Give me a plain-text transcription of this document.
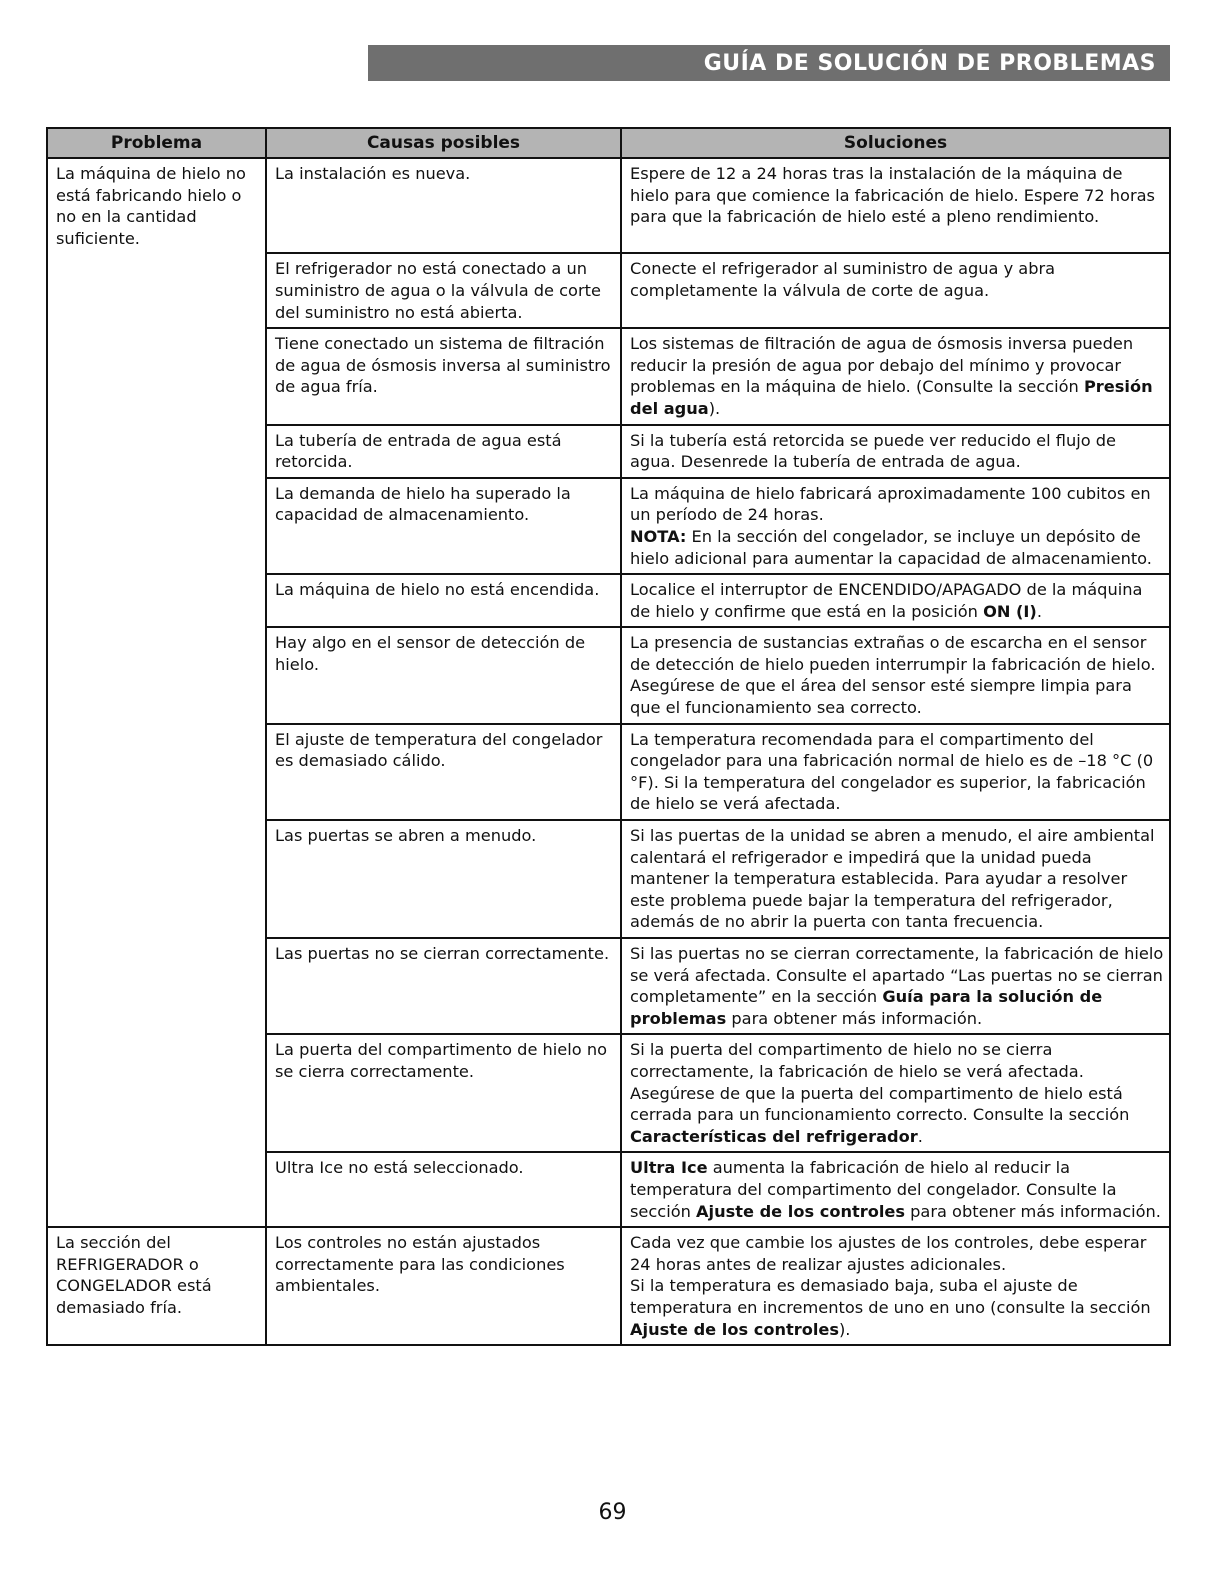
GUÍA DE SOLUCIÓN DE PROBLEMAS
Problema	Causas posibles	Soluciones
La máquina de hielo no está fabricando hielo o no en la cantidad suficiente.	La instalación es nueva.	Espere de 12 a 24 horas tras la instalación de la máquina de hielo para que comience la fabricación de hielo. Espere 72 horas para que la fabricación de hielo esté a pleno rendimiento.
	El refrigerador no está conectado a un suministro de agua o la válvula de corte del suministro no está abierta.	Conecte el refrigerador al suministro de agua y abra completamente la válvula de corte de agua.
	Tiene conectado un sistema de filtración de agua de ósmosis inversa al suministro de agua fría.	Los sistemas de filtración de agua de ósmosis inversa pueden reducir la presión de agua por debajo del mínimo y provocar problemas en la máquina de hielo. (Consulte la sección Presión del agua).
	La tubería de entrada de agua está retorcida.	Si la tubería está retorcida se puede ver reducido el flujo de agua. Desenrede la tubería de entrada de agua.
	La demanda de hielo ha superado la capacidad de almacenamiento.	La máquina de hielo fabricará aproximadamente 100 cubitos en un período de 24 horas.
NOTA: En la sección del congelador, se incluye un depósito de hielo adicional para aumentar la capacidad de almacenamiento.
	La máquina de hielo no está encendida.	Localice el interruptor de ENCENDIDO/APAGADO de la máquina de hielo y confirme que está en la posición ON (I).
	Hay algo en el sensor de detección de hielo.	La presencia de sustancias extrañas o de escarcha en el sensor de detección de hielo pueden interrumpir la fabricación de hielo. Asegúrese de que el área del sensor esté siempre limpia para que el funcionamiento sea correcto.
	El ajuste de temperatura del congelador es demasiado cálido.	La temperatura recomendada para el compartimento del congelador para una fabricación normal de hielo es de –18 °C (0 °F). Si la temperatura del congelador es superior, la fabricación de hielo se verá afectada.
	Las puertas se abren a menudo.	Si las puertas de la unidad se abren a menudo, el aire ambiental calentará el refrigerador e impedirá que la unidad pueda mantener la temperatura establecida. Para ayudar a resolver este problema puede bajar la temperatura del refrigerador, además de no abrir la puerta con tanta frecuencia.
	Las puertas no se cierran correctamente.	Si las puertas no se cierran correctamente, la fabricación de hielo se verá afectada. Consulte el apartado “Las puertas no se cierran completamente” en la sección Guía para la solución de problemas para obtener más información.
	La puerta del compartimento de hielo no se cierra correctamente.	Si la puerta del compartimento de hielo no se cierra correctamente, la fabricación de hielo se verá afectada. Asegúrese de que la puerta del compartimento de hielo está cerrada para un funcionamiento correcto. Consulte la sección Características del refrigerador.
	Ultra Ice no está seleccionado.	Ultra Ice aumenta la fabricación de hielo al reducir la temperatura del compartimento del congelador. Consulte la sección Ajuste de los controles para obtener más información.
La sección del REFRIGERADOR o CONGELADOR está demasiado fría.	Los controles no están ajustados correctamente para las condiciones ambientales.	Cada vez que cambie los ajustes de los controles, debe esperar 24 horas antes de realizar ajustes adicionales.
Si la temperatura es demasiado baja, suba el ajuste de temperatura en incrementos de uno en uno (consulte la sección Ajuste de los controles).
69
